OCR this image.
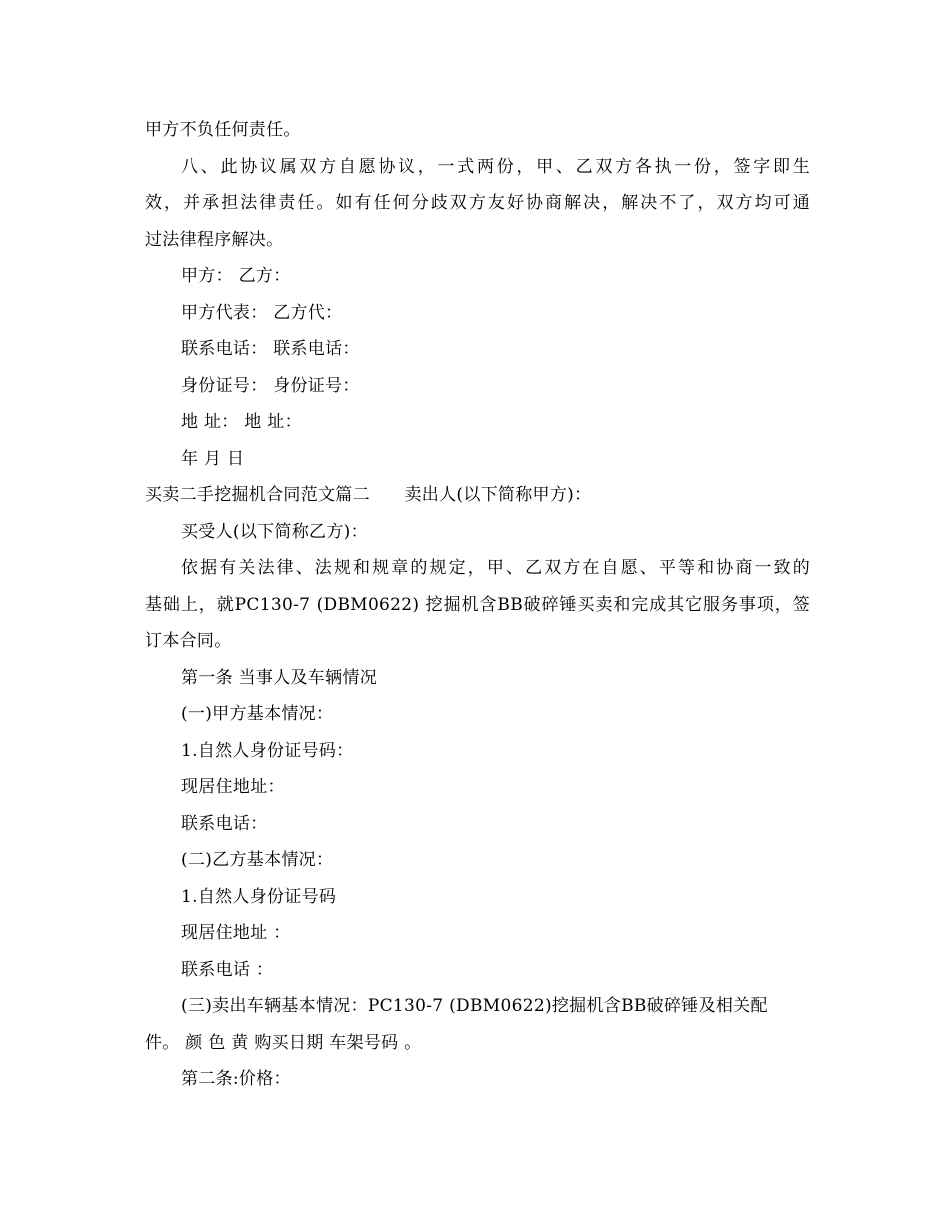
甲方不负任何责任。
八、此协议属双方自愿协议，一式两份，甲、乙双方各执一份，签字即生
效，并承担法律责任。如有任何分歧双方友好协商解决，解决不了，双方均可通
过法律程序解决。
甲方： 乙方：
甲方代表： 乙方代：
联系电话： 联系电话：
身份证号： 身份证号：
地 址： 地 址：
年 月 日
买卖二手挖掘机合同范文篇二　　卖出人(以下简称甲方)：
买受人(以下简称乙方)：
依据有关法律、法规和规章的规定，甲、乙双方在自愿、平等和协商一致的
基础上，就PC130-7 (DBM0622) 挖掘机含BB破碎锤买卖和完成其它服务事项，签
订本合同。
第一条 当事人及车辆情况
(一)甲方基本情况：
1.自然人身份证号码：
现居住地址：
联系电话：
(二)乙方基本情况：
1.自然人身份证号码
现居住地址 ：
联系电话 ：
(三)卖出车辆基本情况：PC130-7 (DBM0622)挖掘机含BB破碎锤及相关配
件。 颜 色 黄 购买日期 车架号码 。
第二条:价格：
